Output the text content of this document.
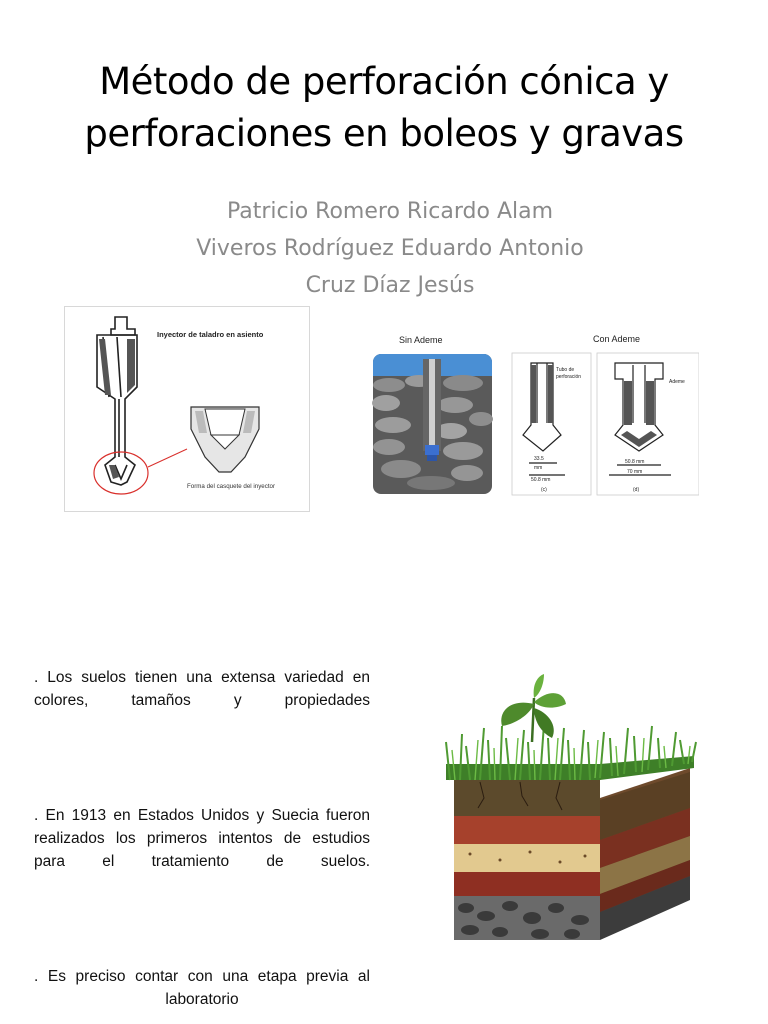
Método de perforación cónica y
perforaciones en boleos y gravas
Patricio Romero Ricardo Alam
Viveros Rodríguez Eduardo Antonio
Cruz Díaz Jesús
Inyector de taladro en asiento
Forma del casquete del inyector
Sin Ademe	Con Ademe
Tubo de
perforación
33.5
mm
50.8 mm
(c)
Ademe
50.8 mm
70 mm
(d)
. Los suelos tienen una extensa variedad en colores, tamaños y propiedades
. En 1913 en Estados Unidos y Suecia fueron realizados los primeros intentos de estudios para el tratamiento de suelos.
. Es preciso contar con una etapa previa al laboratorio
